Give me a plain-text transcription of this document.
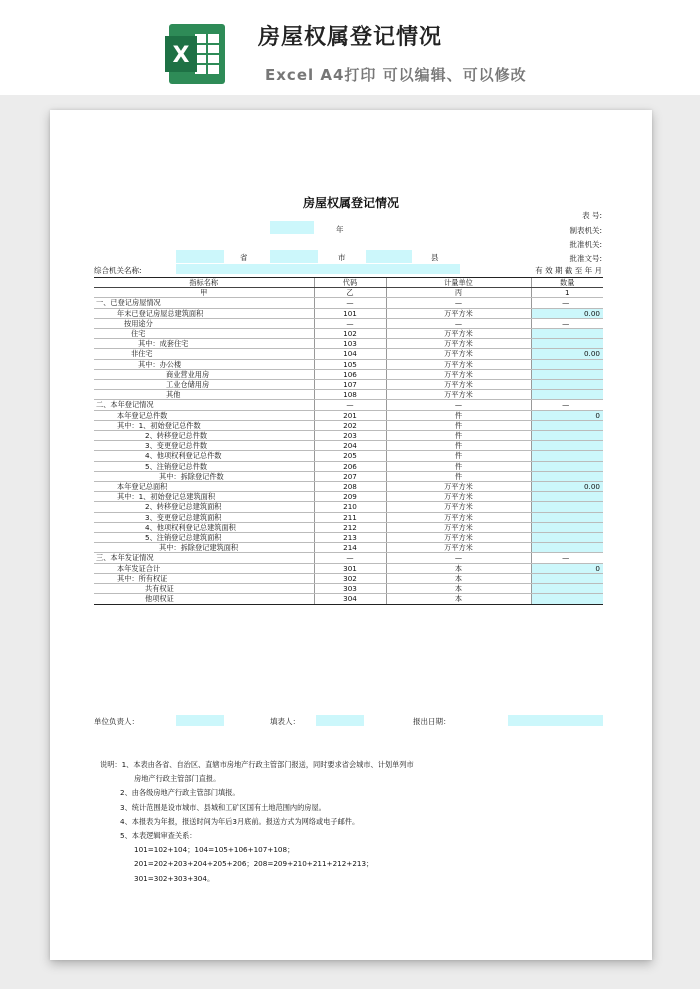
X
房屋权属登记情况
Excel A4打印 可以编辑、可以修改
房屋权属登记情况
表 号:
制表机关:
批准机关:
批准文号:
年
省	市	县
综合机关名称:	有 效 期 截 至 年 月
指标名称	代码	计量单位	数量
甲	乙	丙	1
一、已登记房屋情况	—	—	—
年末已登记房屋总建筑面积	101	万平方米	0.00
按用途分	—	—	—
住宅	102	万平方米	
其中：成套住宅	103	万平方米	
非住宅	104	万平方米	0.00
其中：办公楼	105	万平方米	
商业营业用房	106	万平方米	
工业仓储用房	107	万平方米	
其他	108	万平方米	
二、本年登记情况	—	—	—
本年登记总件数	201	件	0
其中：1、初始登记总件数	202	件	
2、转移登记总件数	203	件	
3、变更登记总件数	204	件	
4、他项权利登记总件数	205	件	
5、注销登记总件数	206	件	
其中：拆除登记件数	207	件	
本年登记总面积	208	万平方米	0.00
其中：1、初始登记总建筑面积	209	万平方米	
2、转移登记总建筑面积	210	万平方米	
3、变更登记总建筑面积	211	万平方米	
4、他项权利登记总建筑面积	212	万平方米	
5、注销登记总建筑面积	213	万平方米	
其中：拆除登记建筑面积	214	万平方米	
三、本年发证情况	—	—	—
本年发证合计	301	本	0
其中：所有权证	302	本	
共有权证	303	本	
他项权证	304	本	
单位负责人：	填表人：	报出日期：
说明：1、本表由各省、自治区、直辖市房地产行政主管部门报送，同时要求省会城市、计划单列市
房地产行政主管部门直报。
2、由各级房地产行政主管部门填报。
3、统计范围是设市城市、县城和工矿区国有土地范围内的房屋。
4、本报表为年报，报送时间为年后3月底前。报送方式为网络或电子邮件。
5、本表逻辑审查关系：
101=102+104；104=105+106+107+108；
201=202+203+204+205+206；208=209+210+211+212+213；
301=302+303+304。
